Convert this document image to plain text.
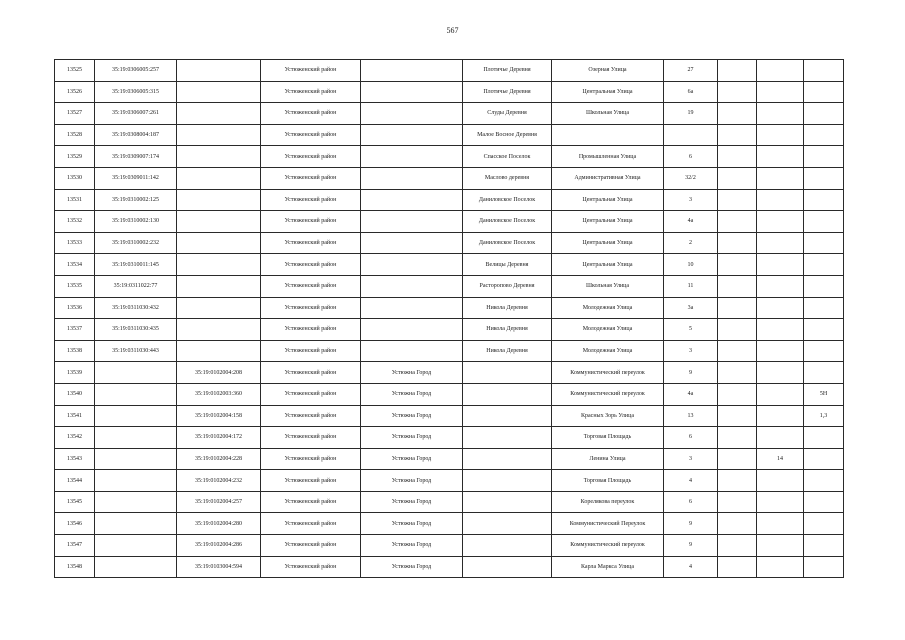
567
13525	35:19:0306005:257		Устюженский район		Плотичье Деревня	Озерная Улица	27			
13526	35:19:0306005:315		Устюженский район		Плотичье Деревня	Центральная Улица	6а			
13527	35:19:0306007:261		Устюженский район		Слуды Деревня	Школьная Улица	19			
13528	35:19:0308004:187		Устюженский район		Малое Восное Деревня					
13529	35:19:0309007:174		Устюженский район		Спасское Поселок	Промышленная Улица	6			
13530	35:19:0309011:142		Устюженский район		Маслово деревня	Административная Улица	32/2			
13531	35:19:0310002:125		Устюженский район		Даниловское Поселок	Центральная Улица	3			
13532	35:19:0310002:130		Устюженский район		Даниловское Поселок	Центральная Улица	4а			
13533	35:19:0310002:232		Устюженский район		Даниловское Поселок	Центральная Улица	2			
13534	35:19:0310011:145		Устюженский район		Велицы Деревня	Центральная Улица	10			
13535	35:19:0311022:77		Устюженский район		Расторопово Деревня	Школьная Улица	11			
13536	35:19:0311030:432		Устюженский район		Никола Деревня	Молодежная Улица	3а			
13537	35:19:0311030:435		Устюженский район		Никола Деревня	Молодежная Улица	5			
13538	35:19:0311030:443		Устюженский район		Никола Деревня	Молодежная Улица	3			
13539		35:19:0102004:208	Устюженский район	Устюжна Город		Коммунистический переулок	9			
13540		35:19:0102003:360	Устюженский район	Устюжна Город		Коммунистический переулок	4а			5Н
13541		35:19:0102004:158	Устюженский район	Устюжна Город		Красных Зорь Улица	13			1,3
13542		35:19:0102004:172	Устюженский район	Устюжна Город		Торговая Площадь	6			
13543		35:19:0102004:228	Устюженский район	Устюжна Город		Ленина Улица	3		14	
13544		35:19:0102004:232	Устюженский район	Устюжна Город		Торговая Площадь	4			
13545		35:19:0102004:257	Устюженский район	Устюжна Город		Корелякова переулок	6			
13546		35:19:0102004:280	Устюженский район	Устюжна Город		Коммунистический Переулок	9			
13547		35:19:0102004:286	Устюженский район	Устюжна Город		Коммунистический переулок	9			
13548		35:19:0103004:594	Устюженский район	Устюжна Город		Карла Маркса Улица	4			
